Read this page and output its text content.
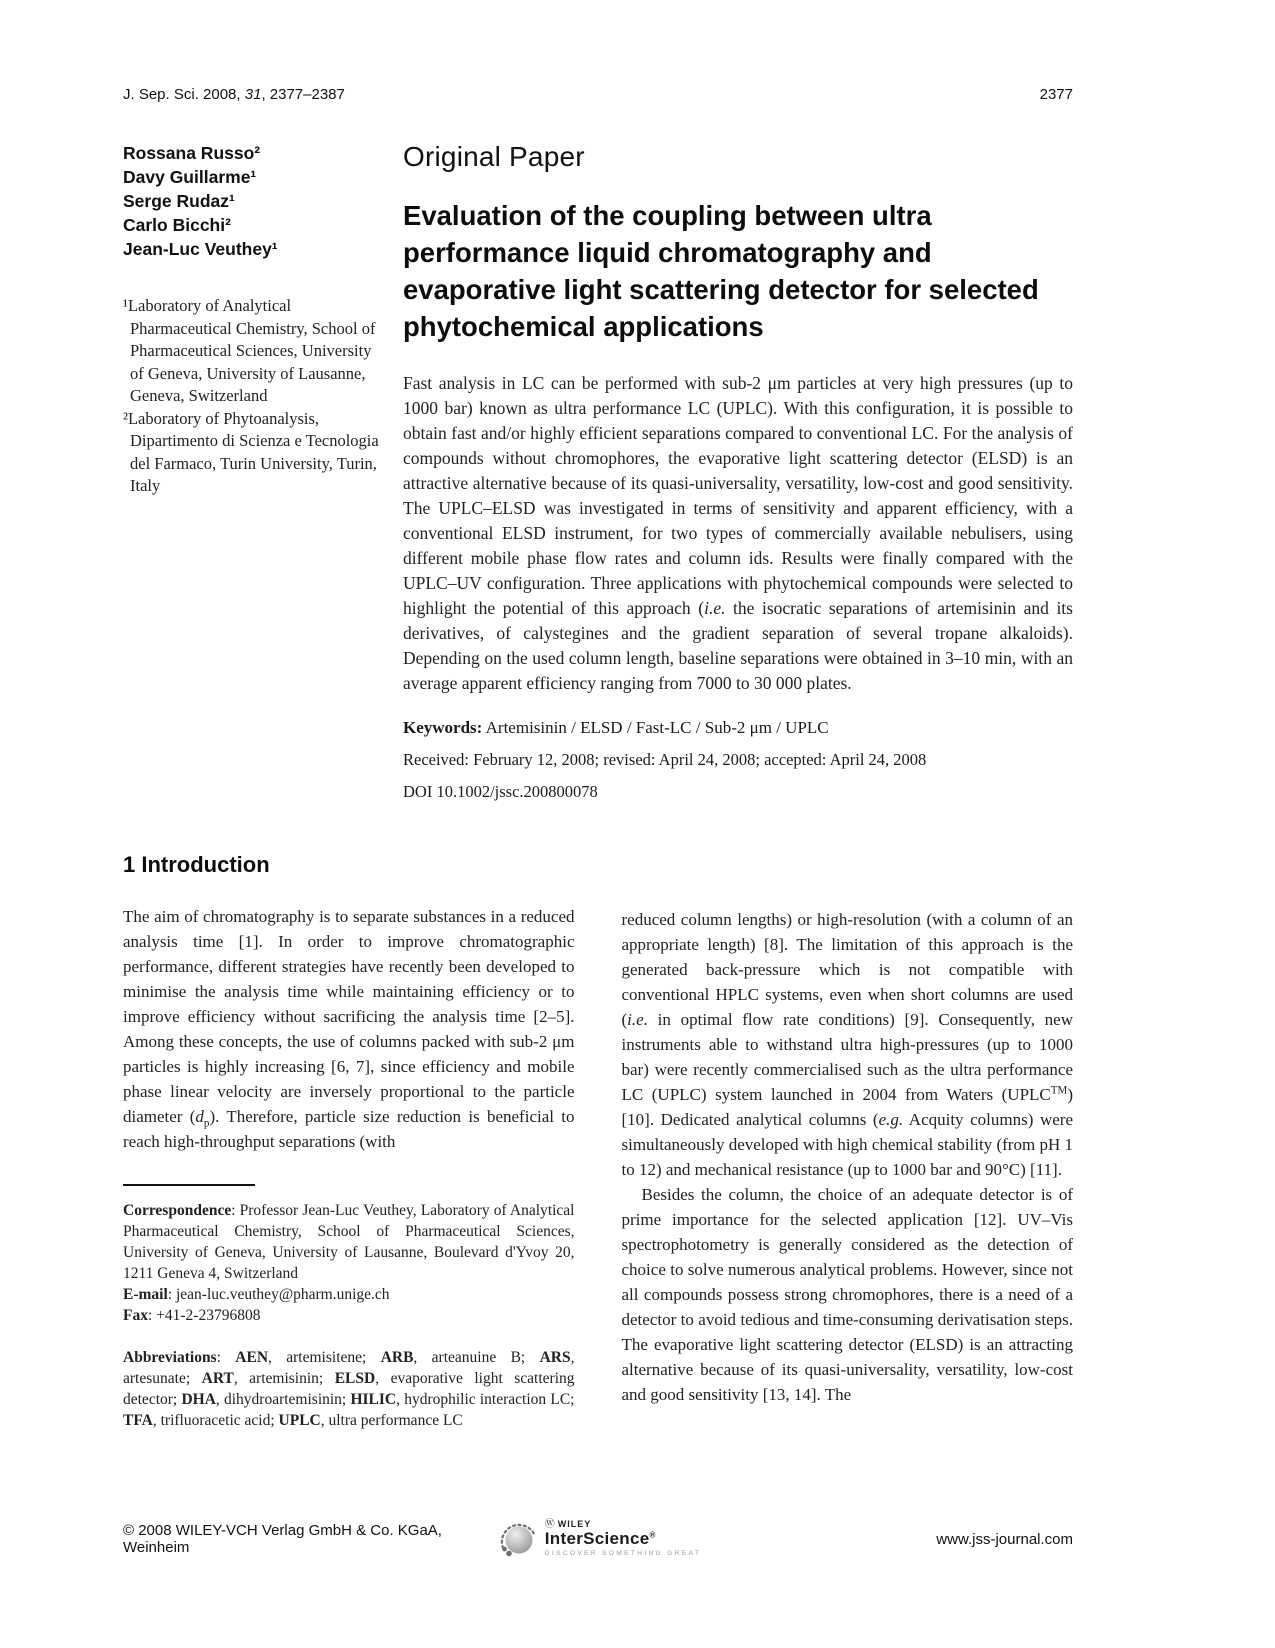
J. Sep. Sci. 2008, 31, 2377–2387	2377
Rossana Russo²
Davy Guillarme¹
Serge Rudaz¹
Carlo Bicchi²
Jean-Luc Veuthey¹

¹Laboratory of Analytical Pharmaceutical Chemistry, School of Pharmaceutical Sciences, University of Geneva, University of Lausanne, Geneva, Switzerland

²Laboratory of Phytoanalysis, Dipartimento di Scienza e Tecnologia del Farmaco, Turin University, Turin, Italy

Original Paper
Evaluation of the coupling between ultra performance liquid chromatography and evaporative light scattering detector for selected phytochemical applications

Fast analysis in LC can be performed with sub-2 μm particles at very high pressures (up to 1000 bar) known as ultra performance LC (UPLC). With this configuration, it is possible to obtain fast and/or highly efficient separations compared to conventional LC. For the analysis of compounds without chromophores, the evaporative light scattering detector (ELSD) is an attractive alternative because of its quasi-universality, versatility, low-cost and good sensitivity. The UPLC–ELSD was investigated in terms of sensitivity and apparent efficiency, with a conventional ELSD instrument, for two types of commercially available nebulisers, using different mobile phase flow rates and column ids. Results were finally compared with the UPLC–UV configuration. Three applications with phytochemical compounds were selected to highlight the potential of this approach (i.e. the isocratic separations of artemisinin and its derivatives, of calystegines and the gradient separation of several tropane alkaloids). Depending on the used column length, baseline separations were obtained in 3–10 min, with an average apparent efficiency ranging from 7000 to 30 000 plates.

Keywords: Artemisinin / ELSD / Fast-LC / Sub-2 μm / UPLC

Received: February 12, 2008; revised: April 24, 2008; accepted: April 24, 2008

DOI 10.1002/jssc.200800078

1 Introduction

The aim of chromatography is to separate substances in a reduced analysis time [1]. In order to improve chromatographic performance, different strategies have recently been developed to minimise the analysis time while maintaining efficiency or to improve efficiency without sacrificing the analysis time [2–5]. Among these concepts, the use of columns packed with sub-2 μm particles is highly increasing [6, 7], since efficiency and mobile phase linear velocity are inversely proportional to the particle diameter $(d_p)$. Therefore, particle size reduction is beneficial to reach high-throughput separations (with

Correspondence: Professor Jean-Luc Veuthey, Laboratory of Analytical Pharmaceutical Chemistry, School of Pharmaceutical Sciences, University of Geneva, University of Lausanne, Boulevard d'Yvoy 20, 1211 Geneva 4, Switzerland

E-mail: jean-luc.veuthey@pharm.unige.ch

Fax: +41-2-23796808

Abbreviations: AEN, artemisitene; ARB, arteanuine B; ARS, artesunate; ART, artemisinin; ELSD, evaporative light scattering detector; DHA, dihydroartemisinin; HILIC, hydrophilic interaction LC; TFA, trifluoracetic acid; UPLC, ultra performance LC

reduced column lengths) or high-resolution (with a column of an appropriate length) [8]. The limitation of this approach is the generated back-pressure which is not compatible with conventional HPLC systems, even when short columns are used (i.e. in optimal flow rate conditions) [9]. Consequently, new instruments able to withstand ultra high-pressures (up to 1000 bar) were recently commercialised such as the ultra performance LC (UPLC) system launched in 2004 from Waters (UPLC™) [10]. Dedicated analytical columns (e.g. Acquity columns) were simultaneously developed with high chemical stability (from pH 1 to 12) and mechanical resistance (up to 1000 bar and 90°C) [11].

Besides the column, the choice of an adequate detector is of prime importance for the selected application [12]. UV–Vis spectrophotometry is generally considered as the detection of choice to solve numerous analytical problems. However, since not all compounds possess strong chromophores, there is a need of a detector to avoid tedious and time-consuming derivatisation steps. The evaporative light scattering detector (ELSD) is an attracting alternative because of its quasi-universality, versatility, low-cost and good sensitivity [13, 14]. The

© 2008 WILEY-VCH Verlag GmbH & Co. KGaA, Weinheim
Ⓦ WILEY
InterScience®
DISCOVER SOMETHING GREAT
www.jss-journal.com
